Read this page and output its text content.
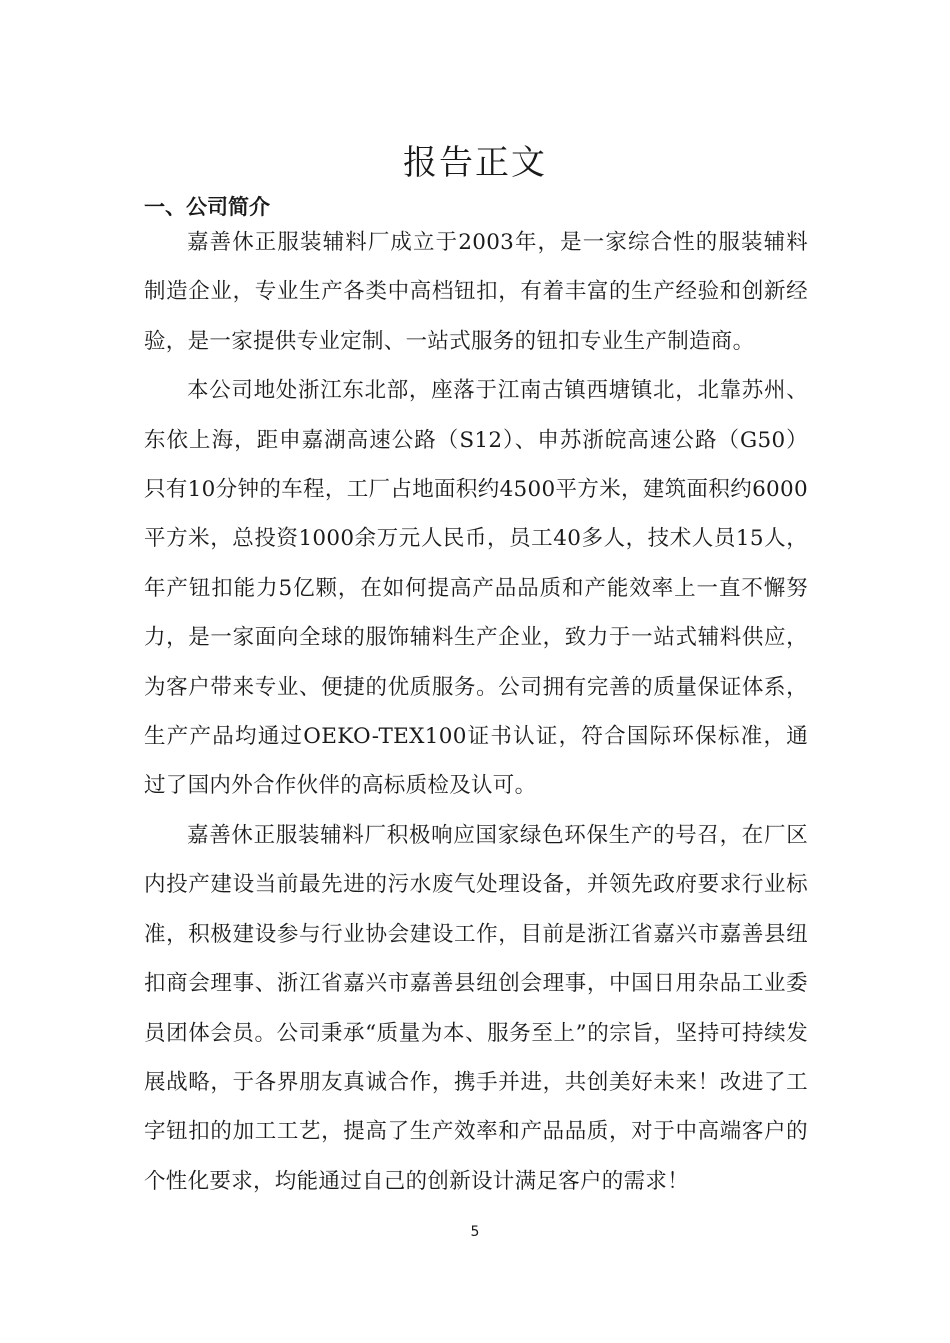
报告正文
一、公司简介

嘉善休正服装辅料厂成立于2003年，是一家综合性的服装辅料制造企业，专业生产各类中高档钮扣，有着丰富的生产经验和创新经验，是一家提供专业定制、一站式服务的钮扣专业生产制造商。

本公司地处浙江东北部，座落于江南古镇西塘镇北，北靠苏州、东依上海，距申嘉湖高速公路（S12）、申苏浙皖高速公路（G50）只有10分钟的车程，工厂占地面积约4500平方米，建筑面积约6000平方米，总投资1000余万元人民币，员工40多人，技术人员15人，年产钮扣能力5亿颗，在如何提高产品品质和产能效率上一直不懈努力，是一家面向全球的服饰辅料生产企业，致力于一站式辅料供应，为客户带来专业、便捷的优质服务。公司拥有完善的质量保证体系，生产产品均通过OEKO-TEX100证书认证，符合国际环保标准，通过了国内外合作伙伴的高标质检及认可。

嘉善休正服装辅料厂积极响应国家绿色环保生产的号召，在厂区内投产建设当前最先进的污水废气处理设备，并领先政府要求行业标准，积极建设参与行业协会建设工作，目前是浙江省嘉兴市嘉善县纽扣商会理事、浙江省嘉兴市嘉善县纽创会理事，中国日用杂品工业委员团体会员。公司秉承“质量为本、服务至上”的宗旨，坚持可持续发展战略，于各界朋友真诚合作，携手并进，共创美好未来！改进了工字钮扣的加工工艺，提高了生产效率和产品品质，对于中高端客户的个性化要求，均能通过自己的创新设计满足客户的需求！

5
